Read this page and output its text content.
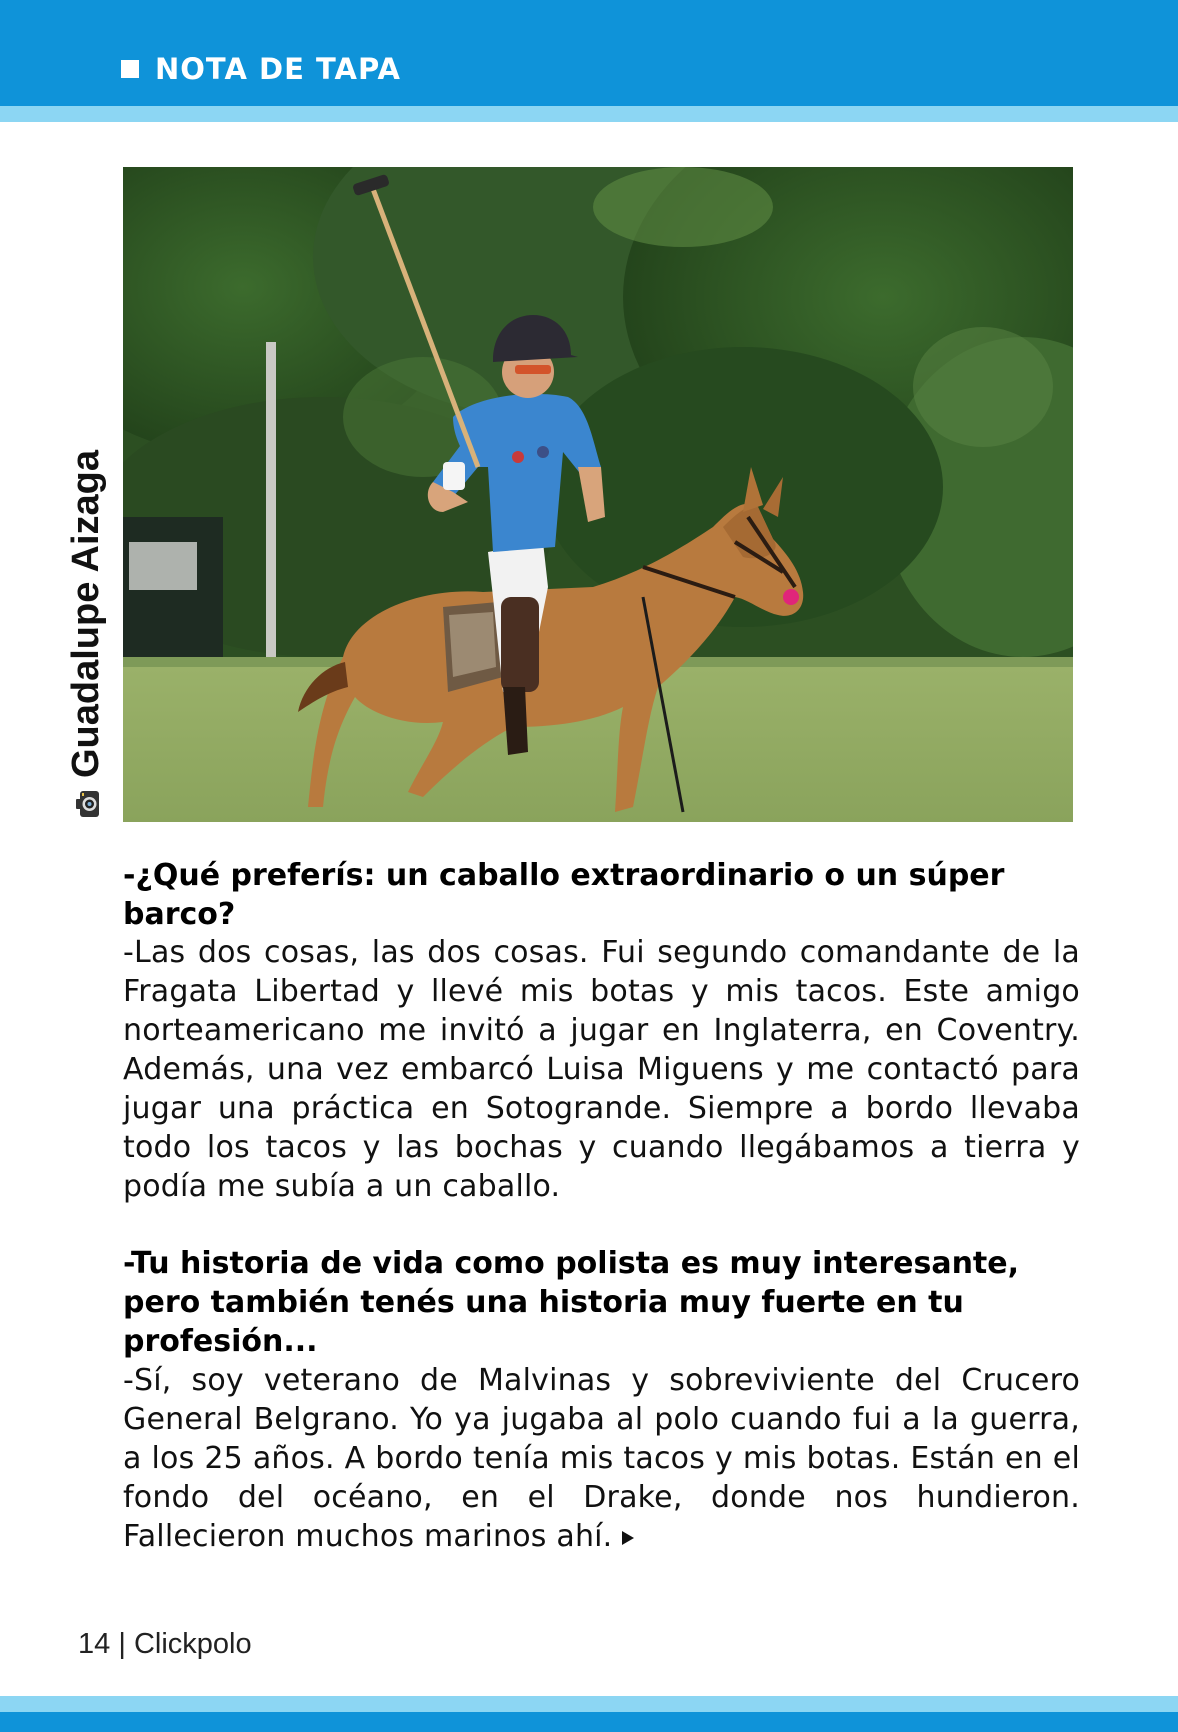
NOTA DE TAPA
Guadalupe Aizaga
-¿Qué preferís: un caballo extraordinario o un súper barco?
-Las dos cosas, las dos cosas. Fui segundo comandante de la Fragata Libertad y llevé mis botas y mis tacos. Este amigo norteamericano me invitó a jugar en Inglaterra, en Coventry. Además, una vez embarcó Luisa Miguens y me contactó para jugar una práctica en Sotogrande. Siempre a bordo llevaba todo los tacos y las bochas y cuando llegábamos a tierra y podía me subía a un caballo.
-Tu historia de vida como polista es muy interesante, pero también tenés una historia muy fuerte en tu profesión...
-Sí, soy veterano de Malvinas y sobreviviente del Crucero General Belgrano. Yo ya jugaba al polo cuando fui a la guerra, a los 25 años. A bordo tenía mis tacos y mis botas. Están en el fondo del océano, en el Drake, donde nos hundieron. Fallecieron muchos marinos ahí.
14 | Clickpolo
